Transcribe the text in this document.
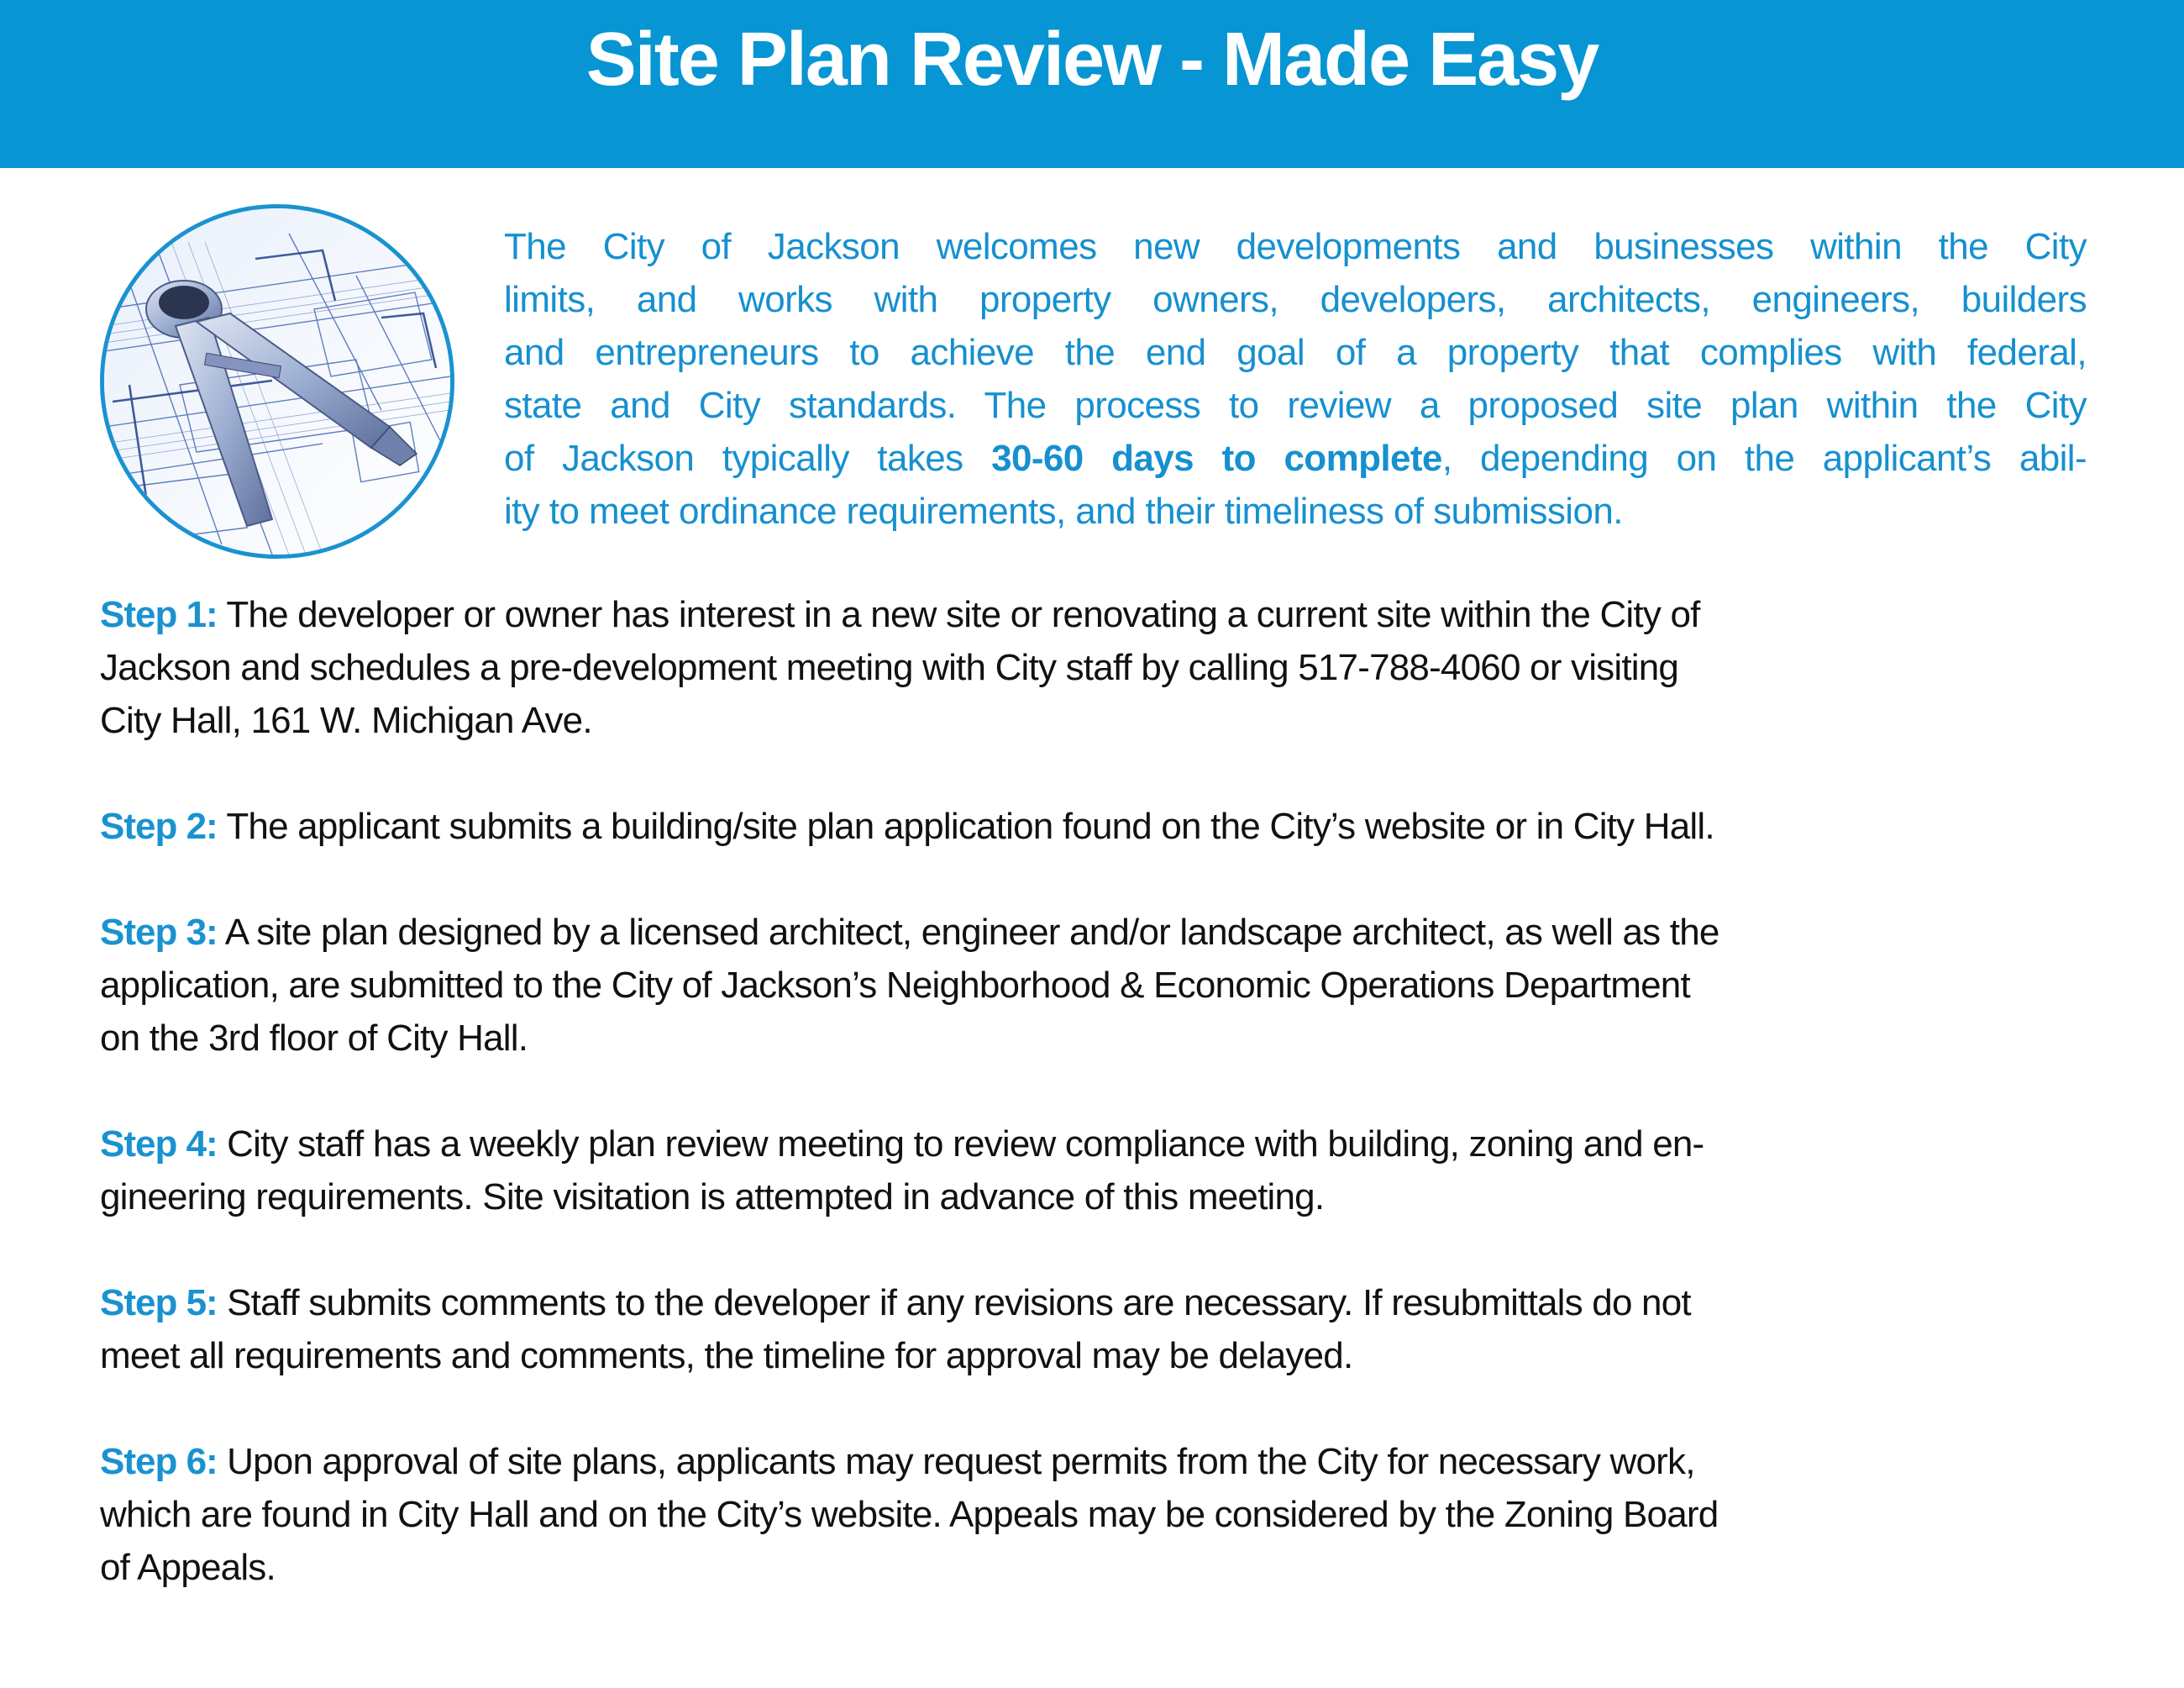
Site Plan Review - Made Easy
The City of Jackson welcomes new developments and businesses within the City
limits, and works with property owners, developers, architects, engineers, builders
and entrepreneurs to achieve the end goal of a property that complies with federal,
state and City standards. The process to review a proposed site plan within the City
of Jackson typically takes 30-60 days to complete, depending on the applicant’s abil-
ity to meet ordinance requirements, and their timeliness of submission.
Step 1: The developer or owner has interest in a new site or renovating a current site within the City of
Jackson and schedules a pre-development meeting with City staff by calling 517-788-4060 or visiting
City Hall, 161 W. Michigan Ave.
Step 2: The applicant submits a building/site plan application found on the City’s website or in City Hall.
Step 3: A site plan designed by a licensed architect, engineer and/or landscape architect, as well as the
application, are submitted to the City of Jackson’s Neighborhood & Economic Operations Department
on the 3rd floor of City Hall.
Step 4: City staff has a weekly plan review meeting to review compliance with building, zoning and en-
gineering requirements. Site visitation is attempted in advance of this meeting.
Step 5: Staff submits comments to the developer if any revisions are necessary. If resubmittals do not
meet all requirements and comments, the timeline for approval may be delayed.
Step 6: Upon approval of site plans, applicants may request permits from the City for necessary work,
which are found in City Hall and on the City’s website. Appeals may be considered by the Zoning Board
of Appeals.
